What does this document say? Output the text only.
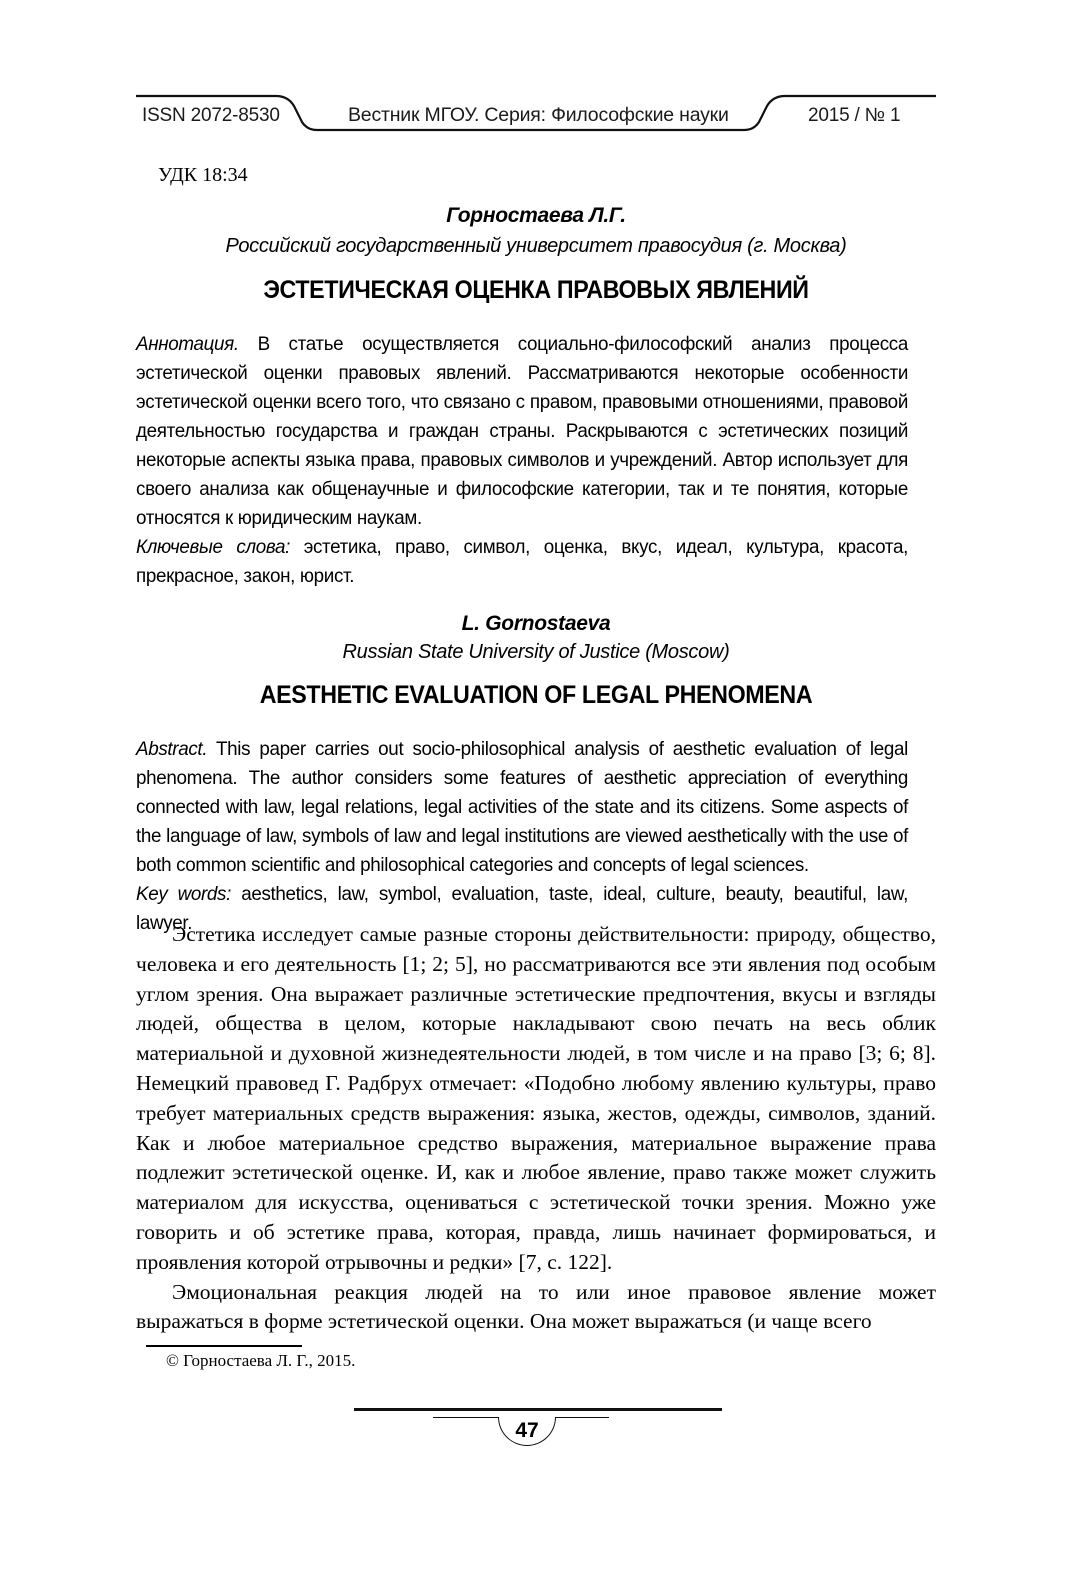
ISSN 2072-8530	Вестник МГОУ. Серия: Философские науки	2015 / № 1
УДК 18:34
Горностаева Л.Г.
Российский государственный университет правосудия (г. Москва)
ЭСТЕТИЧЕСКАЯ ОЦЕНКА ПРАВОВЫХ ЯВЛЕНИЙ

Аннотация. В статье осуществляется социально-философский анализ процесса эстетической оценки правовых явлений. Рассматриваются некоторые особенности эстетической оценки всего того, что связано с правом, правовыми отношениями, правовой деятельностью государства и граждан страны. Раскрываются с эстетических позиций некоторые аспекты языка права, правовых символов и учреждений. Автор использует для своего анализа как общенаучные и философские категории, так и те понятия, которые относятся к юридическим наукам.

Ключевые слова: эстетика, право, символ, оценка, вкус, идеал, культура, красота, прекрасное, закон, юрист.

L. Gornostaeva
Russian State University of Justice (Moscow)
AESTHETIC EVALUATION OF LEGAL PHENOMENA

Abstract. This paper carries out socio-philosophical analysis of aesthetic evaluation of legal phenomena. The author considers some features of aesthetic appreciation of everything connected with law, legal relations, legal activities of the state and its citizens. Some aspects of the language of law, symbols of law and legal institutions are viewed aesthetically with the use of both common scientific and philosophical categories and concepts of legal sciences.

Key words: aesthetics, law, symbol, evaluation, taste, ideal, culture, beauty, beautiful, law, lawyer.

Эстетика исследует самые разные стороны действительности: природу, общество, человека и его деятельность [1; 2; 5], но рассматриваются все эти явления под особым углом зрения. Она выражает различные эстетические предпочтения, вкусы и взгляды людей, общества в целом, которые накладывают свою печать на весь облик материальной и духовной жизнедеятельности людей, в том числе и на право [3; 6; 8]. Немецкий правовед Г. Радбрух отмечает: «Подобно любому явлению культуры, право требует материальных средств выражения: языка, жестов, одежды, символов, зданий. Как и любое материальное средство выражения, материальное выражение права подлежит эстетической оценке. И, как и любое явление, право также может служить материалом для искусства, оцениваться с эстетической точки зрения. Можно уже говорить и об эстетике права, которая, правда, лишь начинает формироваться, и проявления которой отрывочны и редки» [7, с. 122].

Эмоциональная реакция людей на то или иное правовое явление может выражаться в форме эстетической оценки. Она может выражаться (и чаще всего

© Горностаева Л. Г., 2015.
47
